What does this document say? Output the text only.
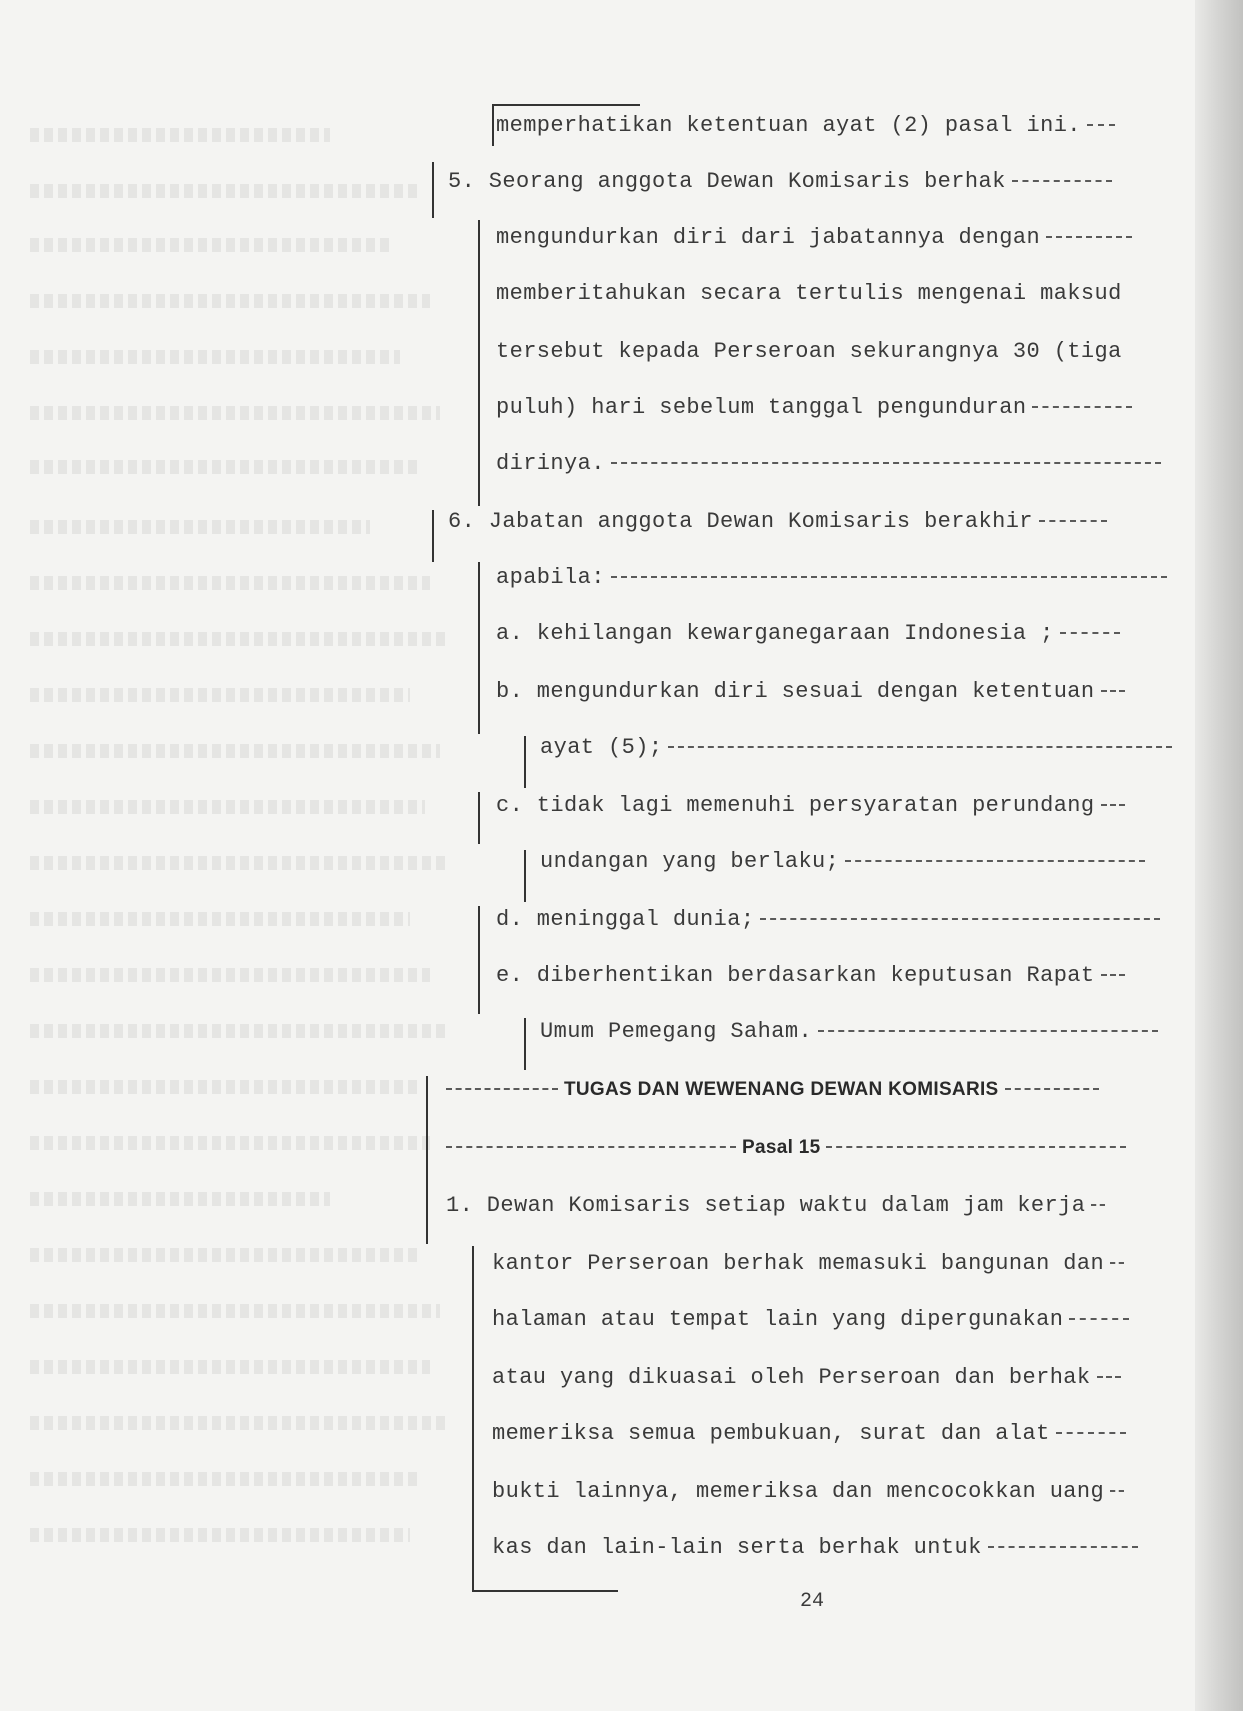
memperhatikan ketentuan ayat (2) pasal ini.
5. Seorang anggota Dewan Komisaris berhak
mengundurkan diri dari jabatannya dengan
memberitahukan secara tertulis mengenai maksud
tersebut kepada Perseroan sekurangnya 30 (tiga
puluh) hari sebelum tanggal pengunduran
dirinya.
6. Jabatan anggota Dewan Komisaris berakhir
apabila:
a. kehilangan kewarganegaraan Indonesia ;
b. mengundurkan diri sesuai dengan ketentuan
ayat (5);
c. tidak lagi memenuhi persyaratan perundang
undangan yang berlaku;
d. meninggal dunia;
e. diberhentikan berdasarkan keputusan Rapat
Umum Pemegang Saham.
TUGAS DAN WEWENANG DEWAN KOMISARIS
Pasal 15
1. Dewan Komisaris setiap waktu dalam jam kerja
kantor Perseroan berhak memasuki bangunan dan
halaman atau tempat lain yang dipergunakan
atau yang dikuasai oleh Perseroan dan berhak
memeriksa semua pembukuan, surat dan alat
bukti lainnya, memeriksa dan mencocokkan uang
kas dan lain-lain serta berhak untuk
24
